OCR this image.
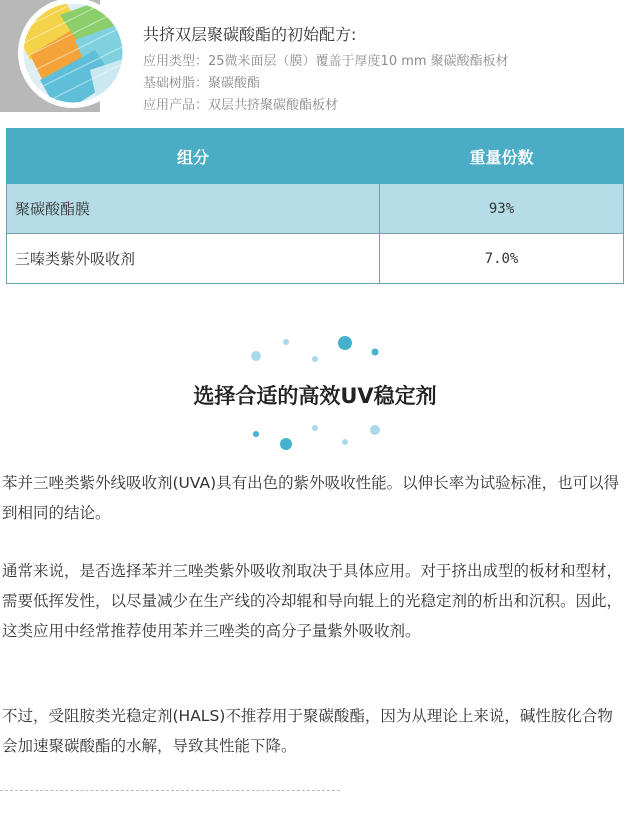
共挤双层聚碳酸酯的初始配方:
应用类型：25微米面层（膜）覆盖于厚度10 mm 聚碳酸酯板材
基础树脂：聚碳酸酯
应用产品：双层共挤聚碳酸酯板材
组分	重量份数
聚碳酸酯膜	93%
三嗪类紫外吸收剂	7.0%
选择合适的高效UV稳定剂

苯并三唑类紫外线吸收剂(UVA)具有出色的紫外吸收性能。以伸长率为试验标准，也可以得到相同的结论。

通常来说，是否选择苯并三唑类紫外吸收剂取决于具体应用。对于挤出成型的板材和型材，需要低挥发性，以尽量减少在生产线的冷却辊和导向辊上的光稳定剂的析出和沉积。因此，这类应用中经常推荐使用苯并三唑类的高分子量紫外吸收剂。

不过，受阻胺类光稳定剂(HALS)不推荐用于聚碳酸酯，因为从理论上来说，碱性胺化合物会加速聚碳酸酯的水解，导致其性能下降。
